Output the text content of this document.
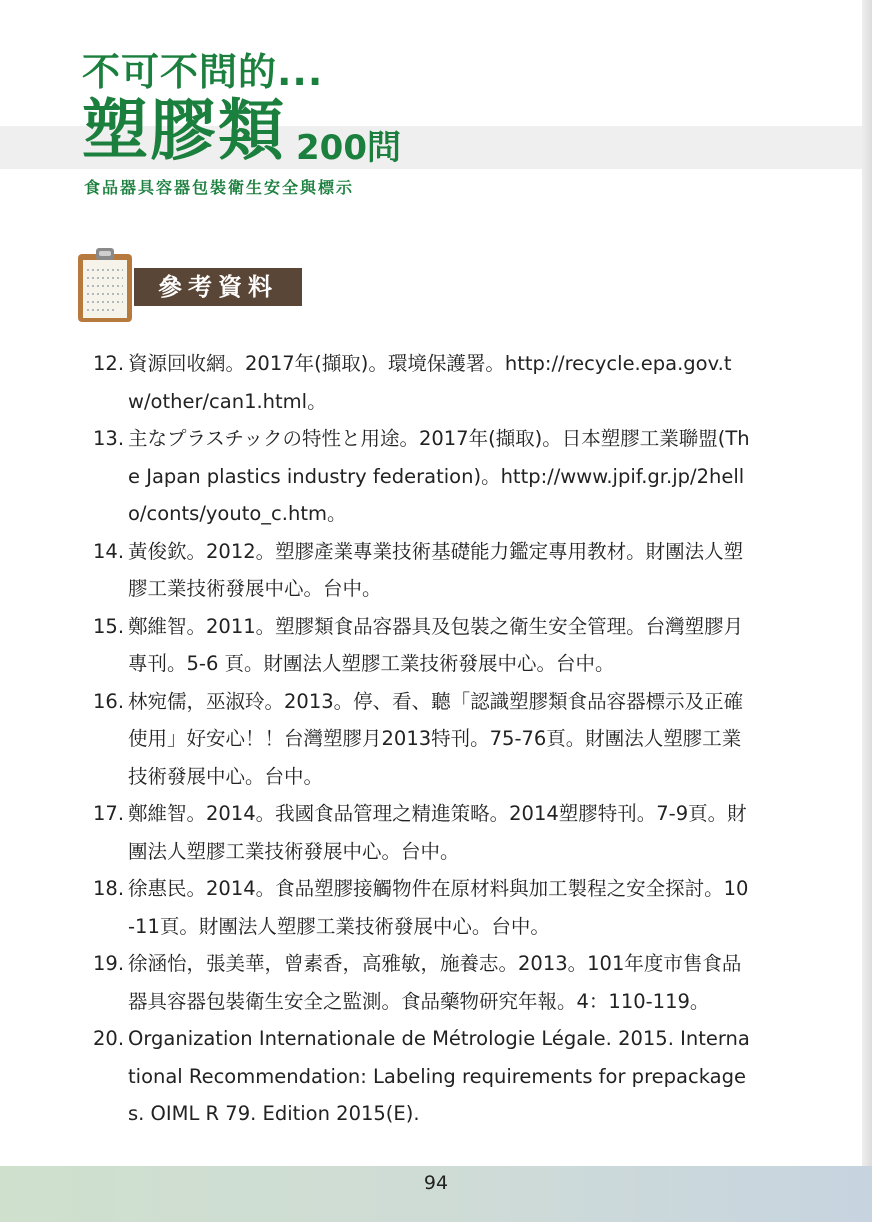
不可不問的...
塑膠類 200問
食品器具容器包裝衛生安全與標示
參考資料
12. 資源回收網。2017年(擷取)。環境保護署。http://recycle.epa.gov.tw/other/can1.html。
13. 主なプラスチックの特性と用途。2017年(擷取)。日本塑膠工業聯盟(The Japan plastics industry federation)。http://www.jpif.gr.jp/2hello/conts/youto_c.htm。
14. 黃俊欽。2012。塑膠產業專業技術基礎能力鑑定專用教材。財團法人塑膠工業技術發展中心。台中。
15. 鄭維智。2011。塑膠類食品容器具及包裝之衛生安全管理。台灣塑膠月專刊。5-6 頁。財團法人塑膠工業技術發展中心。台中。
16. 林宛儒，巫淑玲。2013。停、看、聽「認識塑膠類食品容器標示及正確使用」好安心！！台灣塑膠月2013特刊。75-76頁。財團法人塑膠工業技術發展中心。台中。
17. 鄭維智。2014。我國食品管理之精進策略。2014塑膠特刊。7-9頁。財團法人塑膠工業技術發展中心。台中。
18. 徐惠民。2014。食品塑膠接觸物件在原材料與加工製程之安全探討。10-11頁。財團法人塑膠工業技術發展中心。台中。
19. 徐涵怡，張美華，曾素香，高雅敏，施養志。2013。101年度市售食品器具容器包裝衛生安全之監測。食品藥物研究年報。4：110-119。
20. Organization Internationale de Métrologie Légale. 2015. International Recommendation: Labeling requirements for prepackages. OIML R 79. Edition 2015(E).
94
